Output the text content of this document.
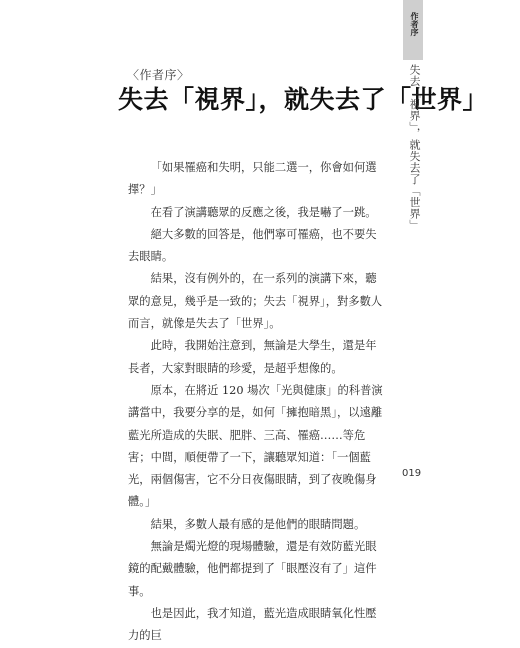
〈作者序〉
失去「視界」，就失去了「世界」

「如果罹癌和失明，只能二選一，你會如何選擇？」

在看了演講聽眾的反應之後，我是嚇了一跳。

絕大多數的回答是，他們寧可罹癌，也不要失去眼睛。

結果，沒有例外的，在一系列的演講下來，聽眾的意見，幾乎是一致的；失去「視界」，對多數人而言，就像是失去了「世界」。

此時，我開始注意到，無論是大學生，還是年長者，大家對眼睛的珍愛，是超乎想像的。

原本，在將近 120 場次「光與健康」的科普演講當中，我要分享的是，如何「擁抱暗黑」，以遠離藍光所造成的失眠、肥胖、三高、罹癌……等危害；中間，順便帶了一下，讓聽眾知道：「一個藍光，兩個傷害，它不分日夜傷眼睛，到了夜晚傷身體。」

結果，多數人最有感的是他們的眼睛問題。

無論是燭光燈的現場體驗，還是有效防藍光眼鏡的配戴體驗，他們都提到了「眼壓沒有了」這件事。

也是因此，我才知道，藍光造成眼睛氧化性壓力的巨

作者序
失去「視界」，就失去了「世界」
019
